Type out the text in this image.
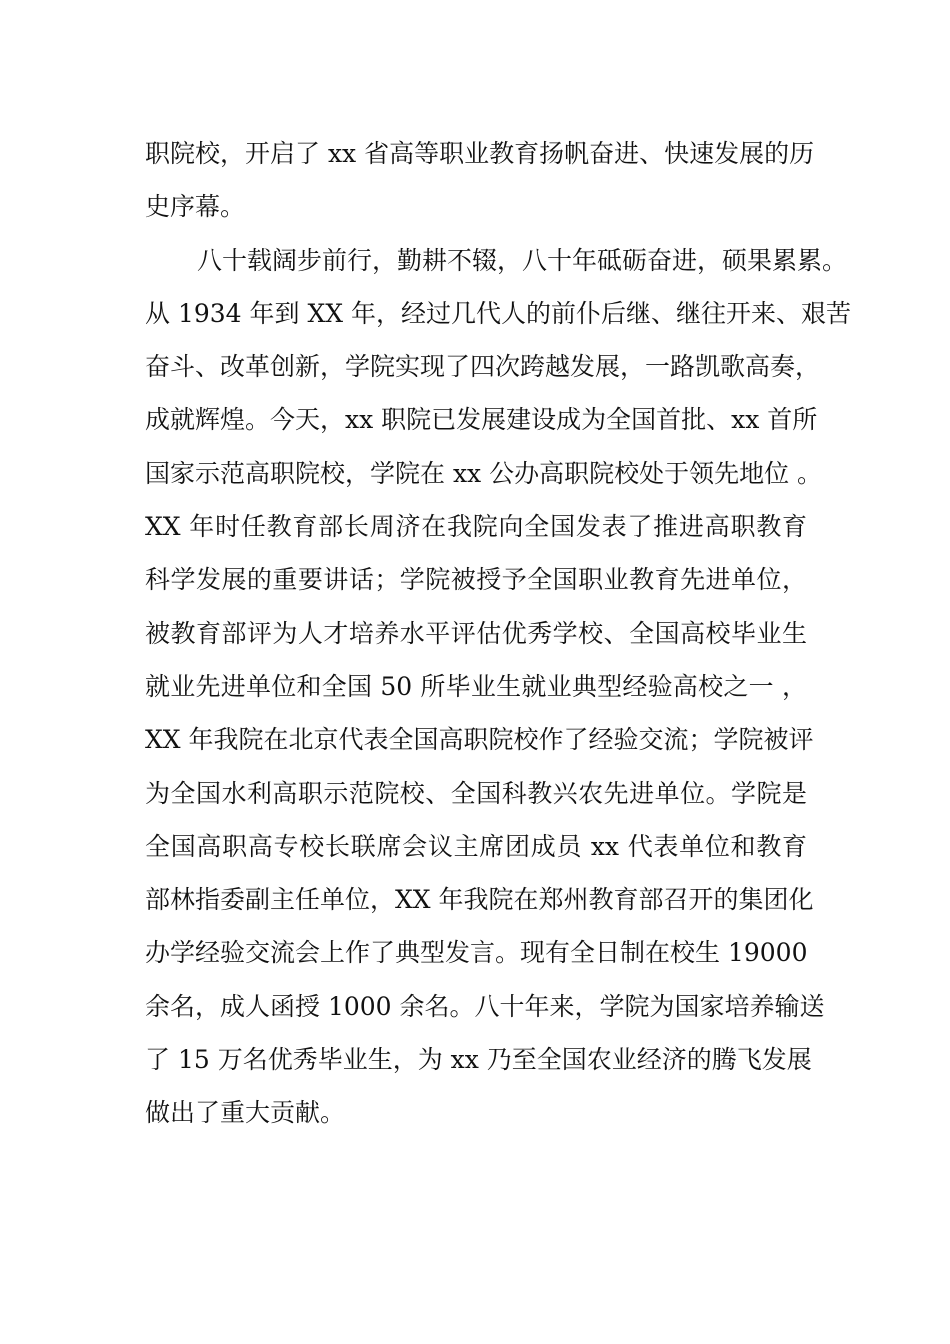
职院校，开启了 xx 省高等职业教育扬帆奋进、快速发展的历
史序幕。
八十载阔步前行，勤耕不辍，八十年砥砺奋进，硕果累累。
从 1934 年到 XX 年，经过几代人的前仆后继、继往开来、艰苦
奋斗、改革创新，学院实现了四次跨越发展，一路凯歌高奏，
成就辉煌。今天，xx 职院已发展建设成为全国首批、xx 首所
国家示范高职院校，学院在 xx 公办高职院校处于领先地位 。
XX 年时任教育部长周济在我院向全国发表了推进高职教育
科学发展的重要讲话；学院被授予全国职业教育先进单位，
被教育部评为人才培养水平评估优秀学校、全国高校毕业生
就业先进单位和全国 50 所毕业生就业典型经验高校之一 ，
XX 年我院在北京代表全国高职院校作了经验交流；学院被评
为全国水利高职示范院校、全国科教兴农先进单位。学院是
全国高职高专校长联席会议主席团成员 xx 代表单位和教育
部林指委副主任单位，XX 年我院在郑州教育部召开的集团化
办学经验交流会上作了典型发言。现有全日制在校生 19000
余名，成人函授 1000 余名。八十年来，学院为国家培养输送
了 15 万名优秀毕业生，为 xx 乃至全国农业经济的腾飞发展
做出了重大贡献。
